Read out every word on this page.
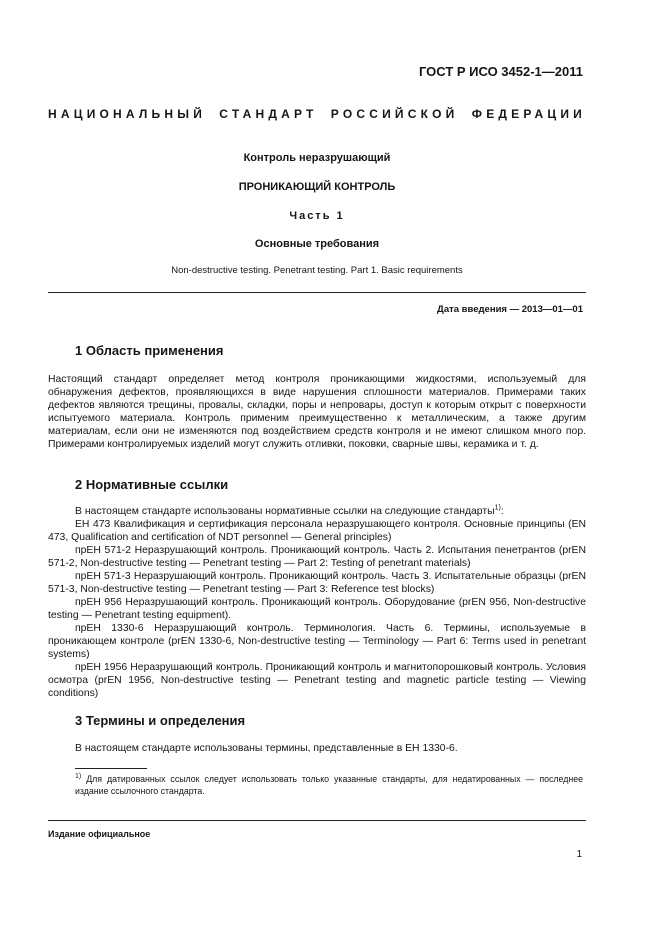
ГОСТ Р ИСО 3452-1—2011
НАЦИОНАЛЬНЫЙ СТАНДАРТ РОССИЙСКОЙ ФЕДЕРАЦИИ
Контроль неразрушающий
ПРОНИКАЮЩИЙ КОНТРОЛЬ
Часть 1
Основные требования
Non-destructive testing. Penetrant testing. Part 1. Basic requirements
Дата введения — 2013—01—01
1 Область применения
Настоящий стандарт определяет метод контроля проникающими жидкостями, используемый для обнаружения дефектов, проявляющихся в виде нарушения сплошности материалов. Примерами таких дефектов являются трещины, провалы, складки, поры и непровары, доступ к которым открыт с поверхности испытуемого материала. Контроль применим преимущественно к металлическим, а также другим материалам, если они не изменяются под воздействием средств контроля и не имеют слишком много пор. Примерами контролируемых изделий могут служить отливки, поковки, сварные швы, керамика и т. д.
2 Нормативные ссылки
В настоящем стандарте использованы нормативные ссылки на следующие стандарты$^{1)}$:

ЕН 473 Квалификация и сертификация персонала неразрушающего контроля. Основные принципы (EN 473, Qualification and certification of NDT personnel — General principles)

прЕН 571-2 Неразрушающий контроль. Проникающий контроль. Часть 2. Испытания пенетрантов (prEN 571-2, Non-destructive testing — Penetrant testing — Part 2: Testing of penetrant materials)

прЕН 571-3 Неразрушающий контроль. Проникающий контроль. Часть 3. Испытательные образцы (prEN 571-3, Non-destructive testing — Penetrant testing — Part 3: Reference test blocks)

прЕН 956 Неразрушающий контроль. Проникающий контроль. Оборудование (prEN 956, Non-destructive testing — Penetrant testing equipment).

прЕН 1330-6 Неразрушающий контроль. Терминология. Часть 6. Термины, используемые в проникающем контроле (prEN 1330-6, Non-destructive testing — Terminology — Part 6: Terms used in penetrant systems)

прЕН 1956 Неразрушающий контроль. Проникающий контроль и магнитопорошковый контроль. Условия осмотра (prEN 1956, Non-destructive testing — Penetrant testing and magnetic particle testing — Viewing conditions)

3 Термины и определения
В настоящем стандарте использованы термины, представленные в ЕН 1330-6.
$^{1)}$ Для датированных ссылок следует использовать только указанные стандарты, для недатированных — последнее издание ссылочного стандарта.
Издание официальное
1
